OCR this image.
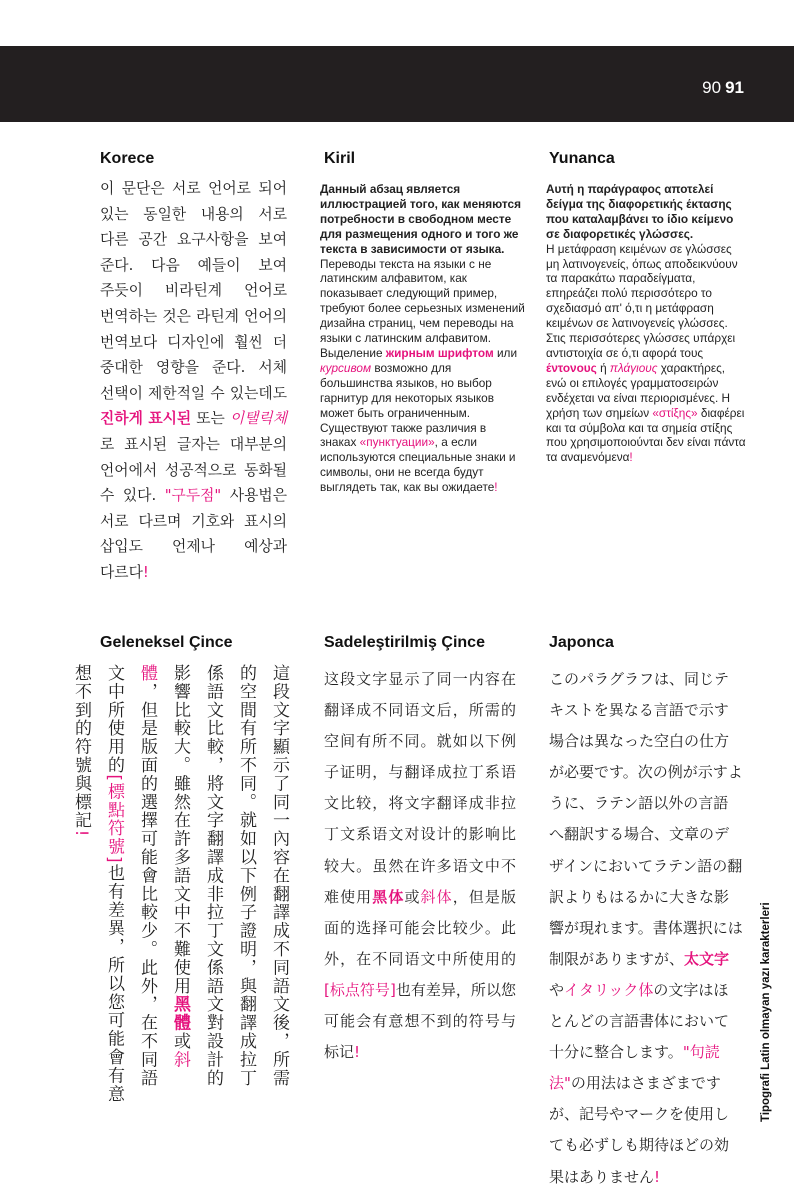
90 91
Korece
이 문단은 서로 언어로 되어 있는 동일한 내용의 서로 다른 공간 요구사항을 보여 준다. 다음 예들이 보여 주듯이 비라틴계 언어로 번역하는 것은 라틴계 언어의 번역보다 디자인에 훨씬 더 중대한 영향을 준다. 서체 선택이 제한적일 수 있는데도 진하게 표시된 또는 이탤릭체 로 표시된 글자는 대부분의 언어에서 성공적으로 동화될 수 있다. "구두점" 사용법은 서로 다르며 기호와 표시의 삽입도 언제나 예상과 다르다!
Kiril
Данный абзац является иллюстрацией того, как меняются потребности в свободном месте для размещения одного и того же текста в зависимости от языка.
Переводы текста на языки с не латинским алфавитом, как показывает следующий пример, требуют более серьезных изменений дизайна страниц, чем переводы на языки с латинским алфавитом. Выделение жирным шрифтом или курсивом возможно для большинства языков, но выбор гарнитур для некоторых языков может быть ограниченным. Существуют также различия в знаках «пунктуации», а если используются специальные знаки и символы, они не всегда будут выглядеть так, как вы ожидаете!
Yunanca
Αυτή η παράγραφος αποτελεί δείγμα της διαφορετικής έκτασης που καταλαμβάνει το ίδιο κείμενο σε διαφορετικές γλώσσες.
Η μετάφραση κειμένων σε γλώσσες μη λατινογενείς, όπως αποδεικνύουν τα παρακάτω παραδείγματα, επηρεάζει πολύ περισσότερο το σχεδιασμό απ' ό,τι η μετάφραση κειμένων σε λατινογενείς γλώσσες. Στις περισσότερες γλώσσες υπάρχει αντιστοιχία σε ό,τι αφορά τους έντονους ή πλάγιους χαρακτήρες, ενώ οι επιλογές γραμματοσειρών ενδέχεται να είναι περιορισμένες. Η χρήση των σημείων «στίξης» διαφέρει και τα σύμβολα και τα σημεία στίξης που χρησιμοποιούνται δεν είναι πάντα τα αναμενόμενα!
Geleneksel Çince
這段文字顯示了同一內容在翻譯成不同語文後，所需的空間有所不同。就如以下例子證明，與翻譯成拉丁係語文比較，將文字翻譯成非拉丁文係語文對設計的影響比較大。雖然在許多語文中不難使用黑體或斜體，但是版面的選擇可能會比較少。此外，在不同語文中所使用的[標點符號]也有差異，所以您可能會有意想不到的符號與標記!
Sadeleştirilmiş Çince
这段文字显示了同一内容在翻译成不同语文后，所需的空间有所不同。就如以下例子证明，与翻译成拉丁系语文比较，将文字翻译成非拉丁文系语文对设计的影响比较大。虽然在许多语文中不难使用黑体或斜体，但是版面的选择可能会比较少。此外，在不同语文中所使用的[标点符号]也有差异，所以您可能会有意想不到的符号与标记!
Japonca
このパラグラフは、同じテキストを異なる言語で示す場合は異なった空白の仕方が必要です。次の例が示すように、ラテン語以外の言語へ翻訳する場合、文章のデザインにおいてラテン語の翻訳よりもはるかに大きな影響が現れます。書体選択には制限がありますが、太文字やイタリック体の文字はほとんどの言語書体において十分に整合します。"句読法"の用法はさまざまですが、記号やマークを使用しても必ずしも期待ほどの効果はありません!
Tipografi Latin olmayan yazı karakterleri
